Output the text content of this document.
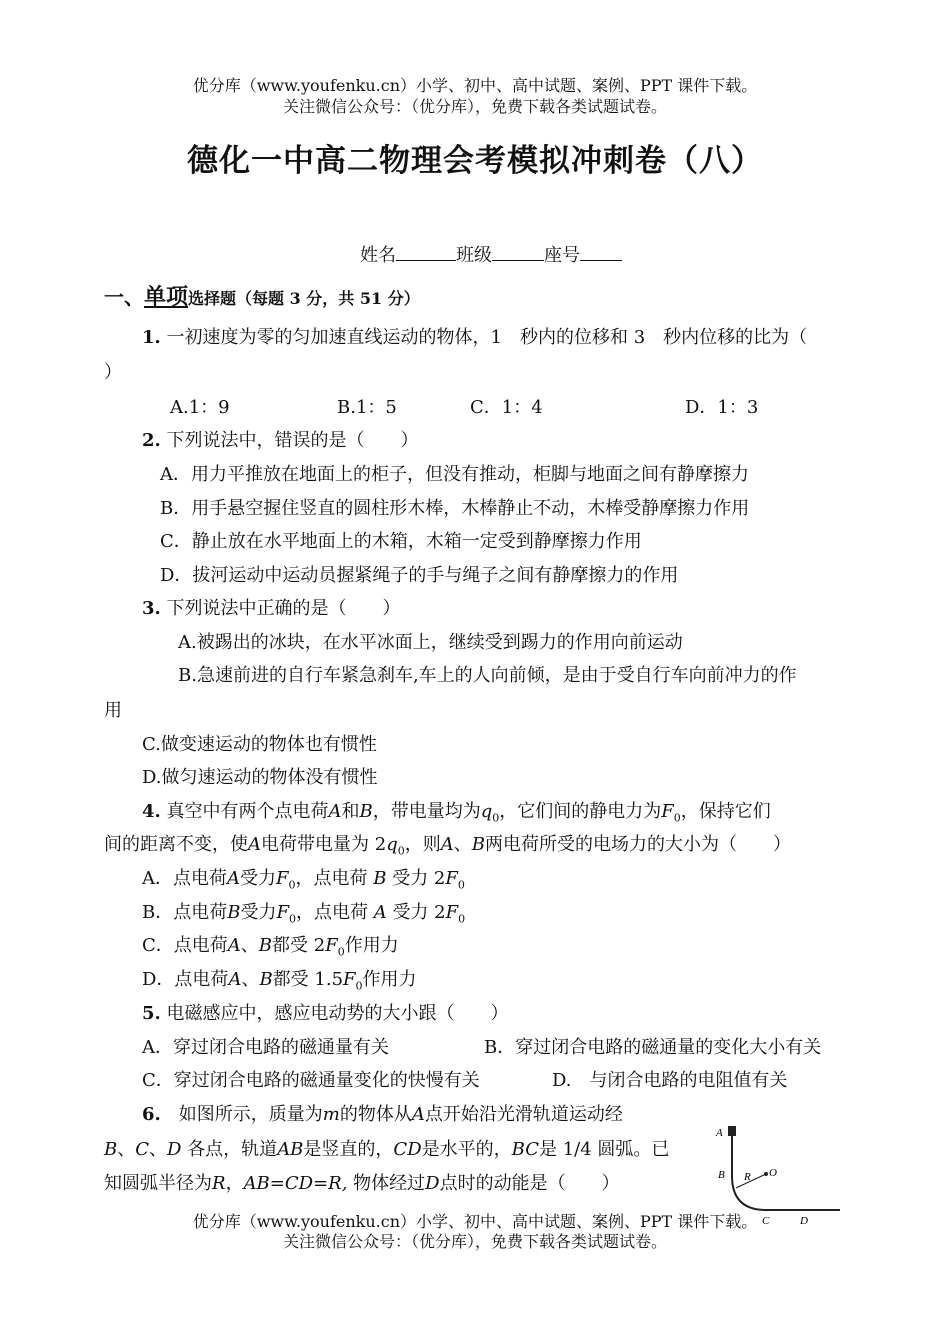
优分库（www.youfenku.cn）小学、初中、高中试题、案例、PPT 课件下载。
关注微信公众号：（优分库），免费下载各类试题试卷。
德化一中高二物理会考模拟冲刺卷（八）
姓名	班级	座号
一、单项选择题（每题 3 分，共 51 分）
1. 一初速度为零的匀加速直线运动的物体，1　秒内的位移和 3　秒内位移的比为（
）
A.1：9	B.1：5	C．1：4	D．1：3
2. 下列说法中，错误的是（　　）
A．用力平推放在地面上的柜子，但没有推动，柜脚与地面之间有静摩擦力
B．用手悬空握住竖直的圆柱形木棒，木棒静止不动，木棒受静摩擦力作用
C．静止放在水平地面上的木箱，木箱一定受到静摩擦力作用
D．拔河运动中运动员握紧绳子的手与绳子之间有静摩擦力的作用
3. 下列说法中正确的是（　　）
A.被踢出的冰块，在水平冰面上，继续受到踢力的作用向前运动
B.急速前进的自行车紧急刹车,车上的人向前倾，是由于受自行车向前冲力的作
用
C.做变速运动的物体也有惯性
D.做匀速运动的物体没有惯性
4. 真空中有两个点电荷A和B，带电量均为$q_0$，它们间的静电力为$F_0$，保持它们
间的距离不变，使A电荷带电量为 $2q_0$，则A、B两电荷所受的电场力的大小为（　　）
A．点电荷A受力$F_0$，点电荷 B 受力 $2F_0$
B．点电荷B受力$F_0$，点电荷 A 受力 $2F_0$
C．点电荷A、B都受 $2F_0$作用力
D．点电荷A、B都受 $1.5F_0$作用力
5. 电磁感应中，感应电动势的大小跟（　　）
A．穿过闭合电路的磁通量有关	B．穿过闭合电路的磁通量的变化大小有关
C．穿过闭合电路的磁通量变化的快慢有关	D.　与闭合电路的电阻值有关
6.　 如图所示，质量为m的物体从A点开始沿光滑轨道运动经
B、C、D 各点，轨道AB是竖直的，CD是水平的，BC是 1/4 圆弧。已
知圆弧半径为R，AB=CD=R, 物体经过D点时的动能是（　　）
A
B R O
C	D
优分库（www.youfenku.cn）小学、初中、高中试题、案例、PPT 课件下载。
关注微信公众号：（优分库），免费下载各类试题试卷。
